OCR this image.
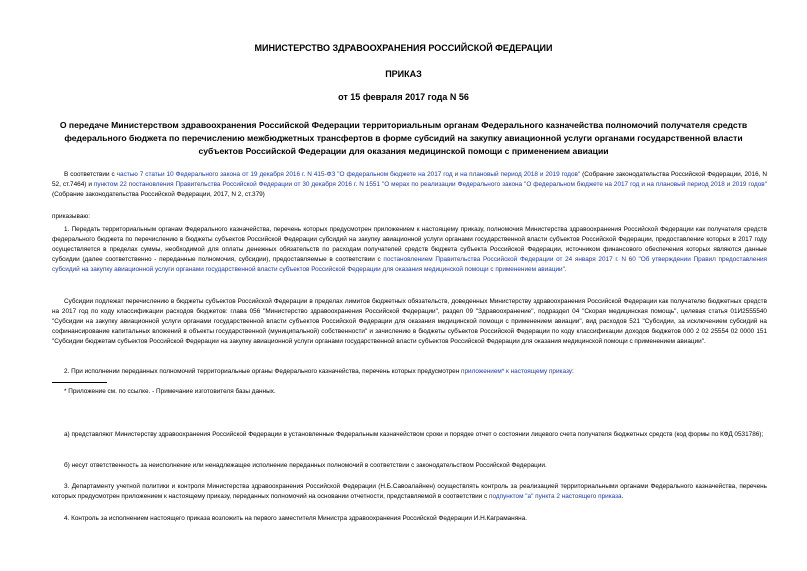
МИНИСТЕРСТВО ЗДРАВООХРАНЕНИЯ РОССИЙСКОЙ ФЕДЕРАЦИИ
ПРИКАЗ
от 15 февраля 2017 года N 56
О передаче Министерством здравоохранения Российской Федерации территориальным органам Федерального казначейства полномочий получателя средств
федерального бюджета по перечислению межбюджетных трансфертов в форме субсидий на закупку авиационной услуги органами государственной власти
субъектов Российской Федерации для оказания медицинской помощи с применением авиации
В соответствии с частью 7 статьи 10 Федерального закона от 19 декабря 2016 г. N 415-ФЗ "О федеральном бюджете на 2017 год и на плановый период 2018 и 2019 годов" (Собрание законодательства Российской Федерации, 2016, N 52, ст.7464) и пунктом 22 постановления Правительства Российской Федерации от 30 декабря 2016 г. N 1551 "О мерах по реализации Федерального закона "О федеральном бюджете на 2017 год и на плановый период 2018 и 2019 годов" (Собрание законодательства Российской Федерации, 2017, N 2, ст.379)
приказываю:
1. Передать территориальным органам Федерального казначейства, перечень которых предусмотрен приложением к настоящему приказу, полномочия Министерства здравоохранения Российской Федерации как получателя средств федерального бюджета по перечислению в бюджеты субъектов Российской Федерации субсидий на закупку авиационной услуги органами государственной власти субъектов Российской Федерации, предоставление которых в 2017 году осуществляется в пределах суммы, необходимой для оплаты денежных обязательств по расходам получателей средств бюджета субъекта Российской Федерации, источником финансового обеспечения которых являются данные субсидии (далее соответственно - переданные полномочия, субсидии), предоставляемые в соответствии с постановлением Правительства Российской Федерации от 24 января 2017 г. N 60 "Об утверждении Правил предоставления субсидий на закупку авиационной услуги органами государственной власти субъектов Российской Федерации для оказания медицинской помощи с применением авиации".
Субсидии подлежат перечислению в бюджеты субъектов Российской Федерации в пределах лимитов бюджетных обязательств, доведенных Министерству здравоохранения Российской Федерации как получателю бюджетных средств на 2017 год по коду классификации расходов бюджетов: глава 056 "Министерство здравоохранения Российской Федерации", раздел 09 "Здравоохранение", подраздел 04 "Скорая медицинская помощь", целевая статья 01И2555540 "Субсидии на закупку авиационной услуги органами государственной власти субъектов Российской Федерации для оказания медицинской помощи с применением авиации", вид расходов 521 "Субсидии, за исключением субсидий на софинансирование капитальных вложений в объекты государственной (муниципальной) собственности" и зачислению в бюджеты субъектов Российской Федерации по коду классификации доходов бюджетов 000 2 02 25554 02 0000 151 "Субсидии бюджетам субъектов Российской Федерации на закупку авиационной услуги органами государственной власти субъектов Российской Федерации для оказания медицинской помощи с применением авиации".
2. При исполнении переданных полномочий территориальные органы Федерального казначейства, перечень которых предусмотрен приложением* к настоящему приказу:
* Приложение см. по ссылке. - Примечание изготовителя базы данных.
а) представляют Министерству здравоохранения Российской Федерации в установленные Федеральным казначейством сроки и порядке отчет о состоянии лицевого счета получателя бюджетных средств (код формы по КФД 0531786);
б) несут ответственность за неисполнение или ненадлежащее исполнение переданных полномочий в соответствии с законодательством Российской Федерации.
3. Департаменту учетной политики и контроля Министерства здравоохранения Российской Федерации (Н.Б.Савоалайнен) осуществлять контроль за реализацией территориальными органами Федерального казначейства, перечень которых предусмотрен приложением к настоящему приказу, переданных полномочий на основании отчетности, представляемой в соответствии с подпунктом "а" пункта 2 настоящего приказа.
4. Контроль за исполнением настоящего приказа возложить на первого заместителя Министра здравоохранения Российской Федерации И.Н.Каграманяна.
